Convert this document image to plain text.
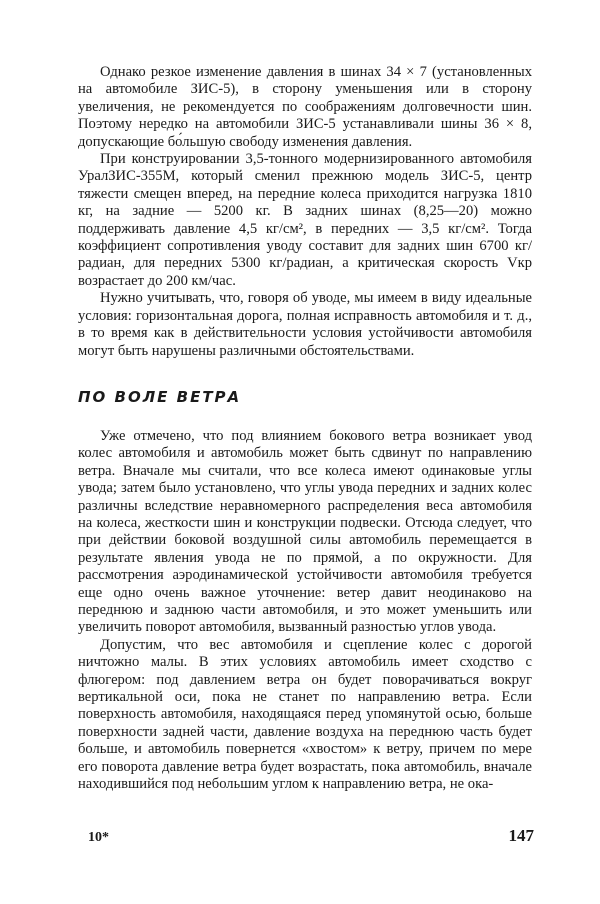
Однако резкое изменение давления в шинах 34 × 7 (установленных на автомобиле ЗИС-5), в сторону уменьшения или в сторону увеличения, не рекомендуется по соображениям долговечности шин. Поэтому нередко на автомобили ЗИС-5 устанавливали шины 36 × 8, допускающие бо́льшую свободу изменения давления.

При конструировании 3,5-тонного модернизированного автомобиля УралЗИС-355М, который сменил прежнюю модель ЗИС-5, центр тяжести смещен вперед, на передние колеса приходится нагрузка 1810 кг, на задние — 5200 кг. В задних шинах (8,25—20) можно поддерживать давление 4,5 кг/см², в передних — 3,5 кг/см². Тогда коэффициент сопротивления уводу составит для задних шин 6700 кг/радиан, для передних 5300 кг/радиан, а критическая скорость Vкр возрастает до 200 км/час.

Нужно учитывать, что, говоря об уводе, мы имеем в виду идеальные условия: горизонтальная дорога, полная исправность автомобиля и т. д., в то время как в действительности условия устойчивости автомобиля могут быть нарушены различными обстоятельствами.

ПО ВОЛЕ ВЕТРА

Уже отмечено, что под влиянием бокового ветра возникает увод колес автомобиля и автомобиль может быть сдвинут по направлению ветра. Вначале мы считали, что все колеса имеют одинаковые углы увода; затем было установлено, что углы увода передних и задних колес различны вследствие неравномерного распределения веса автомобиля на колеса, жесткости шин и конструкции подвески. Отсюда следует, что при действии боковой воздушной силы автомобиль перемещается в результате явления увода не по прямой, а по окружности. Для рассмотрения аэродинамической устойчивости автомобиля требуется еще одно очень важное уточнение: ветер давит неодинаково на переднюю и заднюю части автомобиля, и это может уменьшить или увеличить поворот автомобиля, вызванный разностью углов увода.

Допустим, что вес автомобиля и сцепление колес с дорогой ничтожно малы. В этих условиях автомобиль имеет сходство с флюгером: под давлением ветра он будет поворачиваться вокруг вертикальной оси, пока не станет по направлению ветра. Если поверхность автомобиля, находящаяся перед упомянутой осью, больше поверхности задней части, давление воздуха на переднюю часть будет больше, и автомобиль повернется «хвостом» к ветру, причем по мере его поворота давление ветра будет возрастать, пока автомобиль, вначале находившийся под небольшим углом к направлению ветра, не ока-

10*	147
